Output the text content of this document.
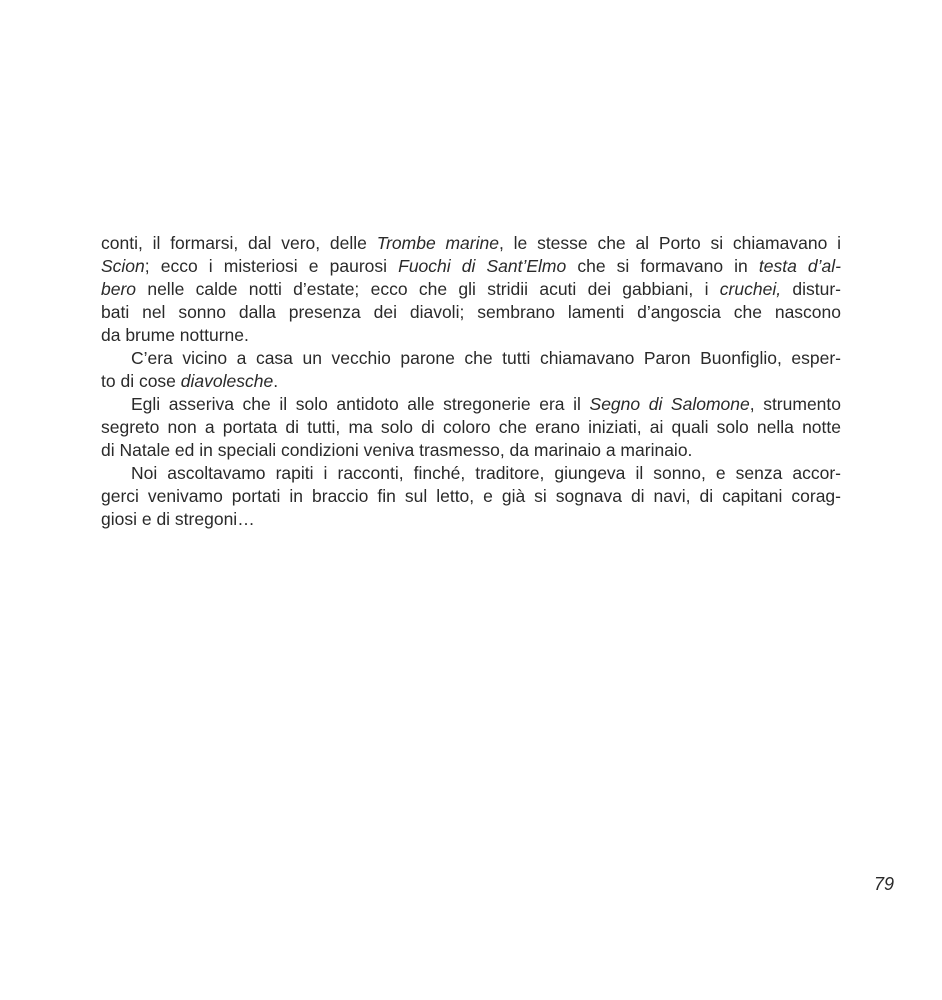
conti, il formarsi, dal vero, delle Trombe marine, le stesse che al Porto si chiamavano i
Scion; ecco i misteriosi e paurosi Fuochi di Sant’Elmo che si formavano in testa d’al-
bero nelle calde notti d’estate; ecco che gli stridii acuti dei gabbiani, i cruchei, distur-
bati nel sonno dalla presenza dei diavoli; sembrano lamenti d’angoscia che nascono
da brume notturne.
C’era vicino a casa un vecchio parone che tutti chiamavano Paron Buonfiglio, esper-
to di cose diavolesche.
Egli asseriva che il solo antidoto alle stregonerie era il Segno di Salomone, strumento
segreto non a portata di tutti, ma solo di coloro che erano iniziati, ai quali solo nella notte
di Natale ed in speciali condizioni veniva trasmesso, da marinaio a marinaio.
Noi ascoltavamo rapiti i racconti, finché, traditore, giungeva il sonno, e senza accor-
gerci venivamo portati in braccio fin sul letto, e già si sognava di navi, di capitani corag-
giosi e di stregoni…
79
